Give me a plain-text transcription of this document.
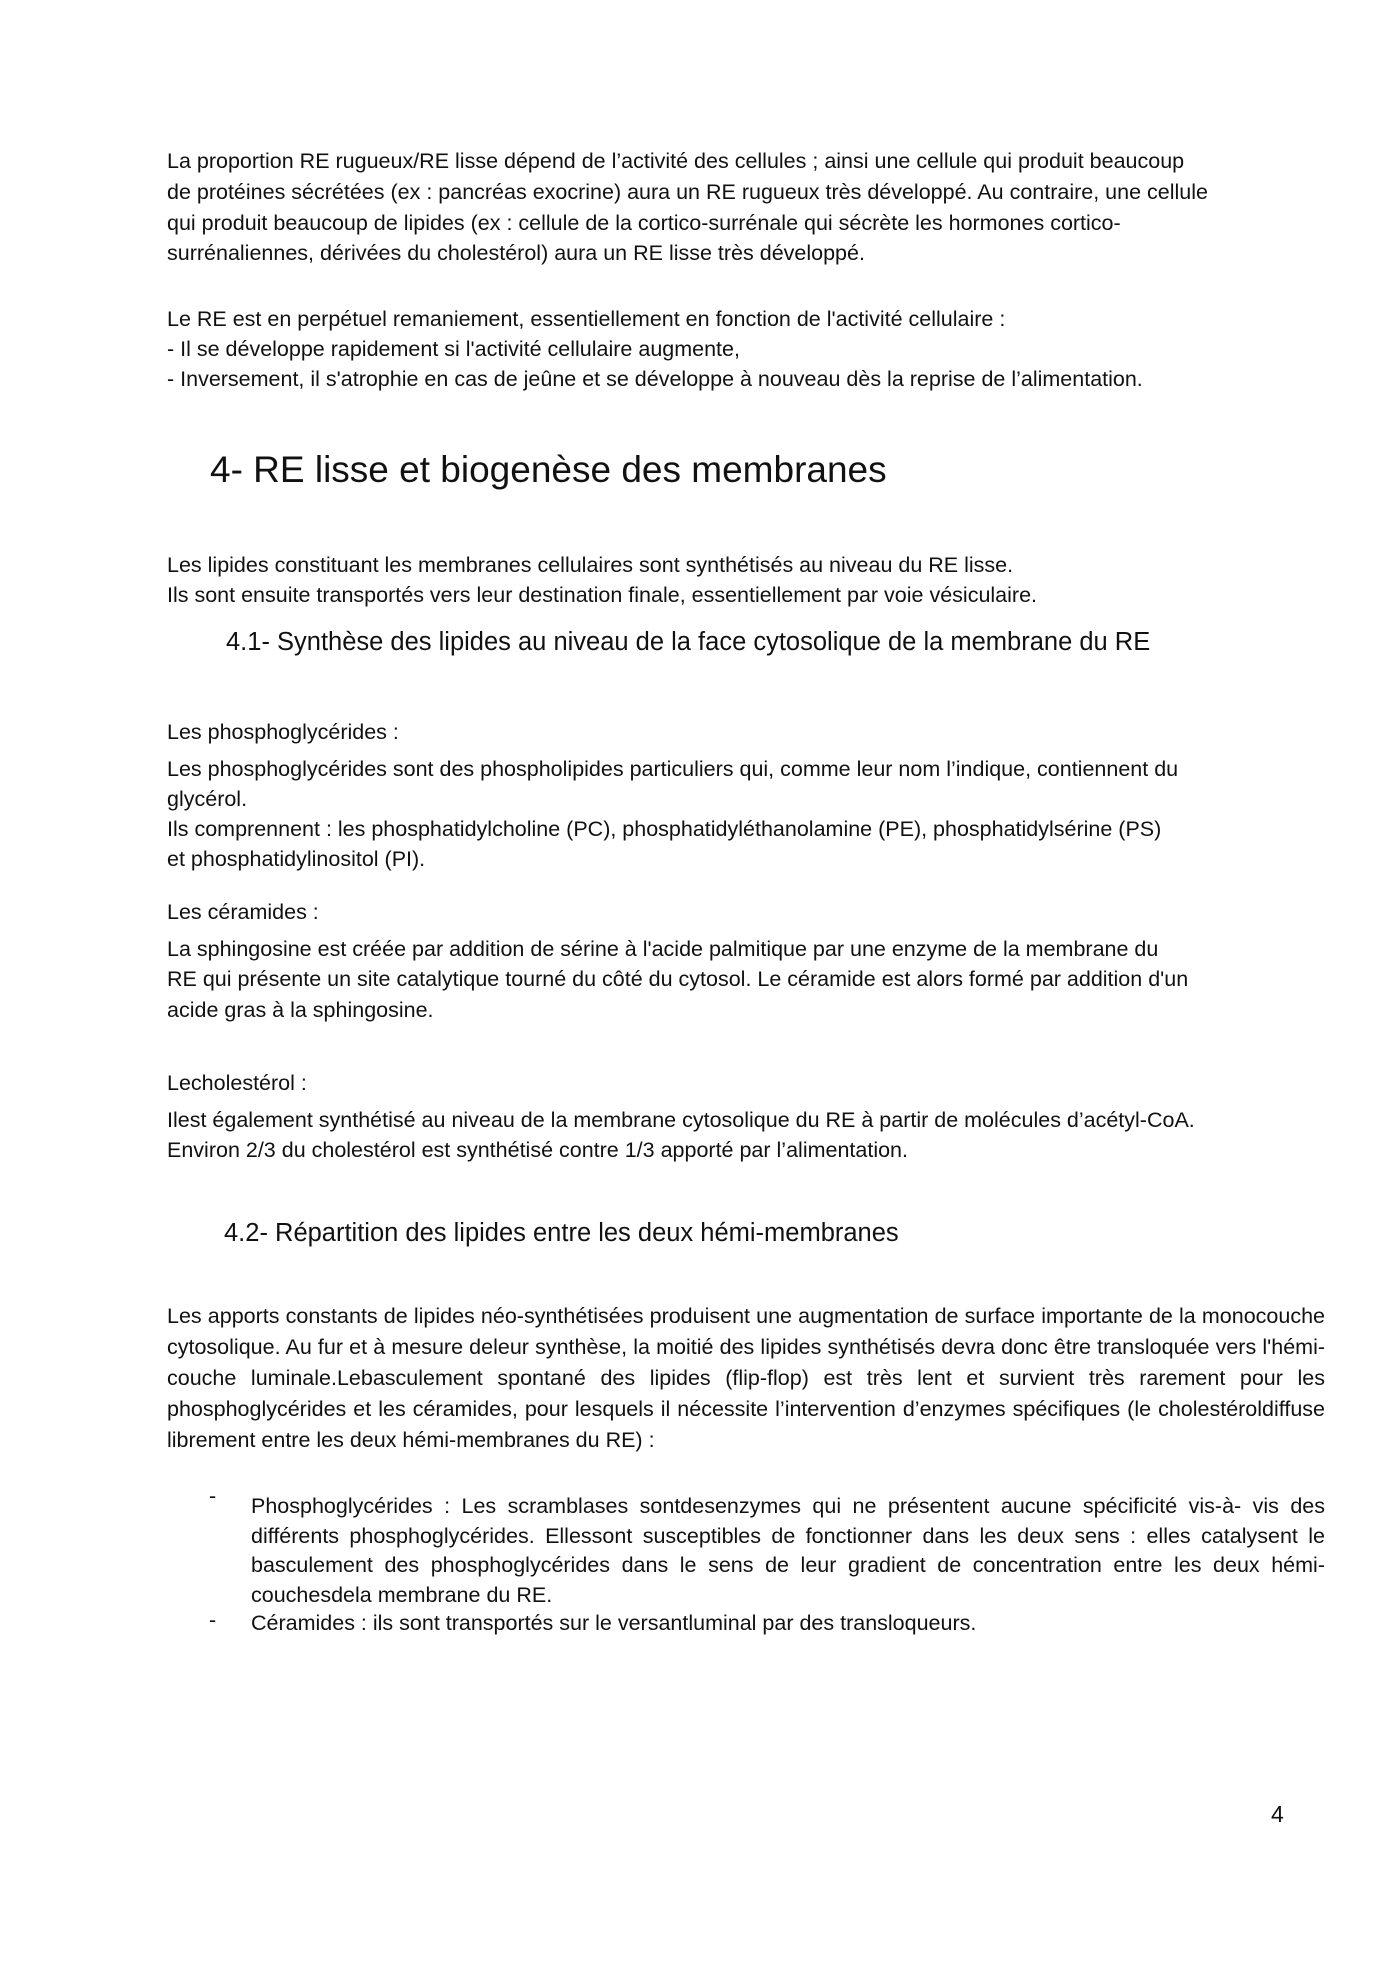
La proportion RE rugueux/RE lisse dépend de l’activité des cellules ; ainsi une cellule qui produit beaucoup

de protéines sécrétées (ex : pancréas exocrine) aura un RE rugueux très développé. Au contraire, une cellule

qui produit beaucoup de lipides (ex : cellule de la cortico-surrénale qui sécrète les hormones cortico-

surrénaliennes, dérivées du cholestérol) aura un RE lisse très développé.

Le RE est en perpétuel remaniement, essentiellement en fonction de l'activité cellulaire :

- Il se développe rapidement si l'activité cellulaire augmente,

- Inversement, il s'atrophie en cas de jeûne et se développe à nouveau dès la reprise de l’alimentation.

4- RE lisse et biogenèse des membranes

Les lipides constituant les membranes cellulaires sont synthétisés au niveau du RE lisse.

Ils sont ensuite transportés vers leur destination finale, essentiellement par voie vésiculaire.

4.1- Synthèse des lipides au niveau de la face cytosolique de la membrane du RE

Les phosphoglycérides :

Les phosphoglycérides sont des phospholipides particuliers qui, comme leur nom l’indique, contiennent du

glycérol.

Ils comprennent : les phosphatidylcholine (PC), phosphatidyléthanolamine (PE), phosphatidylsérine (PS)

et phosphatidylinositol (PI).

Les céramides :

La sphingosine est créée par addition de sérine à l'acide palmitique par une enzyme de la membrane du

RE qui présente un site catalytique tourné du côté du cytosol. Le céramide est alors formé par addition d'un

acide gras à la sphingosine.

Lecholestérol :

Ilest également synthétisé au niveau de la membrane cytosolique du RE à partir de molécules d’acétyl-CoA.

Environ 2/3 du cholestérol est synthétisé contre 1/3 apporté par l’alimentation.

4.2- Répartition des lipides entre les deux hémi-membranes

Les apports constants de lipides néo-synthétisées produisent une augmentation de surface importante de la monocouche cytosolique. Au fur et à mesure deleur synthèse, la moitié des lipides synthétisés devra donc être transloquée vers l'hémi-couche luminale.Lebasculement spontané des lipides (flip-flop) est très lent et survient très rarement pour les phosphoglycérides et les céramides, pour lesquels il nécessite l’intervention d’enzymes spécifiques (le cholestéroldiffuse librement entre les deux hémi-membranes du RE) :

- Phosphoglycérides : Les scramblases sontdesenzymes qui ne présentent aucune spécificité vis-à- vis des différents phosphoglycérides. Ellessont susceptibles de fonctionner dans les deux sens : elles catalysent le basculement des phosphoglycérides dans le sens de leur gradient de concentration entre les deux hémi-couchesdela membrane du RE.

- Céramides : ils sont transportés sur le versantluminal par des transloqueurs.

4
